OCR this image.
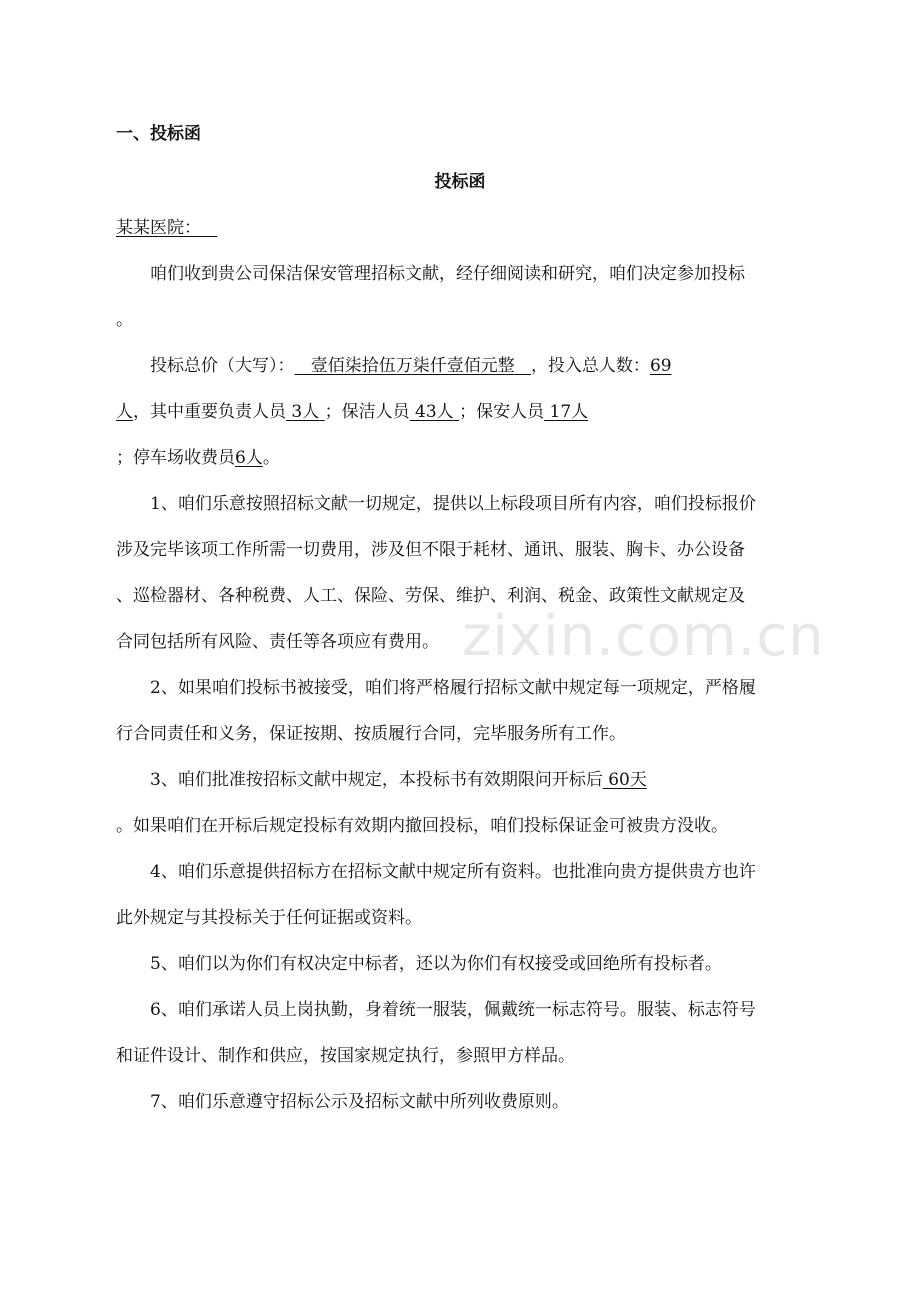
一、投标函
投标函
某某医院：
咱们收到贵公司保洁保安管理招标文献，经仔细阅读和研究，咱们决定参加投标
。
投标总价（大写）： 壹佰柒拾伍万柒仟壹佰元整 ，投入总人数：69
人，其中重要负责人员 3人 ；保洁人员 43人 ；保安人员 17人
；停车场收费员6人。
1、咱们乐意按照招标文献一切规定，提供以上标段项目所有内容，咱们投标报价
涉及完毕该项工作所需一切费用，涉及但不限于耗材、通讯、服装、胸卡、办公设备
、巡检器材、各种税费、人工、保险、劳保、维护、利润、税金、政策性文献规定及
合同包括所有风险、责任等各项应有费用。
2、如果咱们投标书被接受，咱们将严格履行招标文献中规定每一项规定，严格履
行合同责任和义务，保证按期、按质履行合同，完毕服务所有工作。
3、咱们批准按招标文献中规定，本投标书有效期限问开标后 60天
。如果咱们在开标后规定投标有效期内撤回投标，咱们投标保证金可被贵方没收。
4、咱们乐意提供招标方在招标文献中规定所有资料。也批准向贵方提供贵方也许
此外规定与其投标关于任何证据或资料。
5、咱们以为你们有权决定中标者，还以为你们有权接受或回绝所有投标者。
6、咱们承诺人员上岗执勤，身着统一服装，佩戴统一标志符号。服装、标志符号
和证件设计、制作和供应，按国家规定执行，参照甲方样品。
7、咱们乐意遵守招标公示及招标文献中所列收费原则。
zixin.com.cn
